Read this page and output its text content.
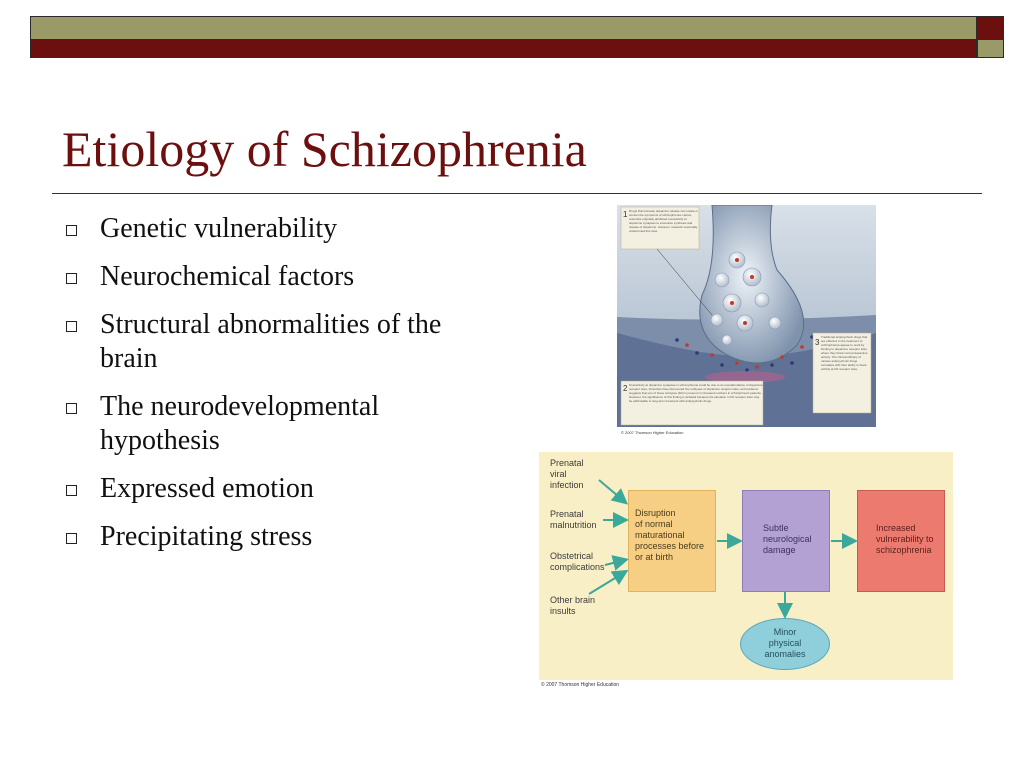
Etiology of Schizophrenia
Genetic vulnerability
Neurochemical factors
Structural abnormalities of the brain
The neurodevelopmental hypothesis
Expressed emotion
Precipitating stress
1
3
2
Drugs that increase dopamine release can create or worsen the symptoms of schizophrenia. Hence, scientists originally attributed overactivity at dopamine synapses to excessive synthesis and release of dopamine. However, research eventually undermined this view.
Traditional antipsychotic drugs that are effective in the treatment of schizophrenia appear to work by binding to dopamine receptor sites where they block normal dopamine activity. The clinical efficacy of various antipsychotic drugs correlates with their ability to block activity at D2 receptor sites.
Overactivity at dopamine synapses in schizophrenia could be due to an overabundance of dopamine receptor sites. Scientists have discovered five subtypes of dopamine receptor sites, and evidence suggests that one of these subtypes (D2) is present in increased numbers in schizophrenic patients. However, the significance of this finding is debated because the elevation in D2 receptor sites may be attributable to long-term treatment with antipsychotic drugs.
© 2007 Thomson Higher Education
Prenatal
viral
infection
Prenatal
malnutrition
Obstetrical
complications
Other brain
insults
Disruption
of normal
maturational
processes before
or at birth
Subtle
neurological
damage
Increased
vulnerability to
schizophrenia
Minor
physical
anomalies
© 2007 Thomson Higher Education
